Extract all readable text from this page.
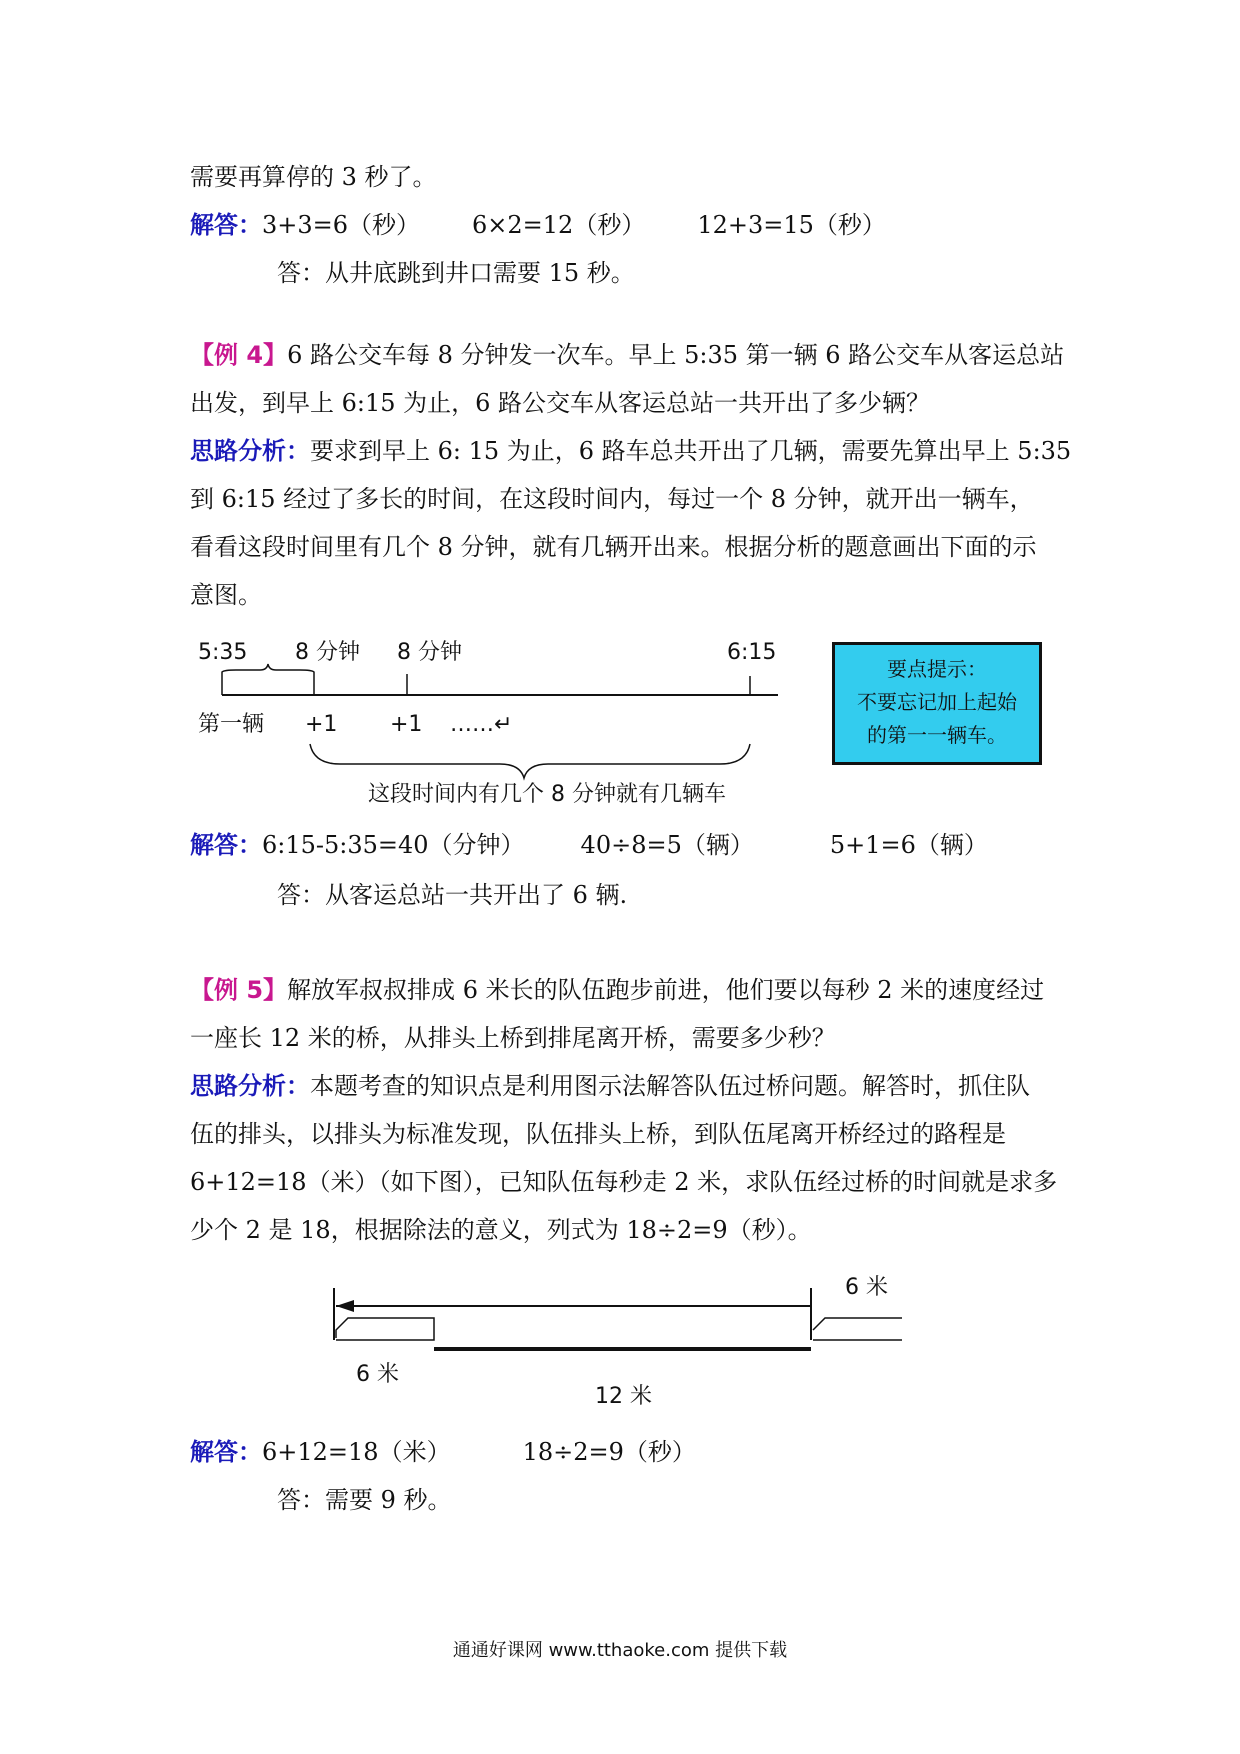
需要再算停的 3 秒了。
解答：3+3=6（秒） 6×2=12（秒） 12+3=15（秒）
答：从井底跳到井口需要 15 秒。
【例 4】6 路公交车每 8 分钟发一次车。早上 5:35 第一辆 6 路公交车从客运总站
出发，到早上 6:15 为止，6 路公交车从客运总站一共开出了多少辆？
思路分析：要求到早上 6: 15 为止，6 路车总共开出了几辆，需要先算出早上 5:35
到 6:15 经过了多长的时间，在这段时间内，每过一个 8 分钟，就开出一辆车，
看看这段时间里有几个 8 分钟，就有几辆开出来。根据分析的题意画出下面的示
意图。
5:35 8 分钟 8 分钟	6:15
第一辆 +1 +1 ……↵
这段时间内有几个 8 分钟就有几辆车
要点提示：
不要忘记加上起始
的第一一辆车。
解答：6:15-5:35=40（分钟） 40÷8=5（辆）	5+1=6（辆）
答：从客运总站一共开出了 6 辆.
【例 5】解放军叔叔排成 6 米长的队伍跑步前进，他们要以每秒 2 米的速度经过
一座长 12 米的桥，从排头上桥到排尾离开桥，需要多少秒？
思路分析：本题考查的知识点是利用图示法解答队伍过桥问题。解答时，抓住队
伍的排头，以排头为标准发现，队伍排头上桥，到队伍尾离开桥经过的路程是
6+12=18（米）（如下图），已知队伍每秒走 2 米，求队伍经过桥的时间就是求多
少个 2 是 18，根据除法的意义，列式为 18÷2=9（秒）。
6 米
6 米
12 米
解答：6+12=18（米）	18÷2=9（秒）
答：需要 9 秒。
通通好课网 www.tthaoke.com 提供下载
